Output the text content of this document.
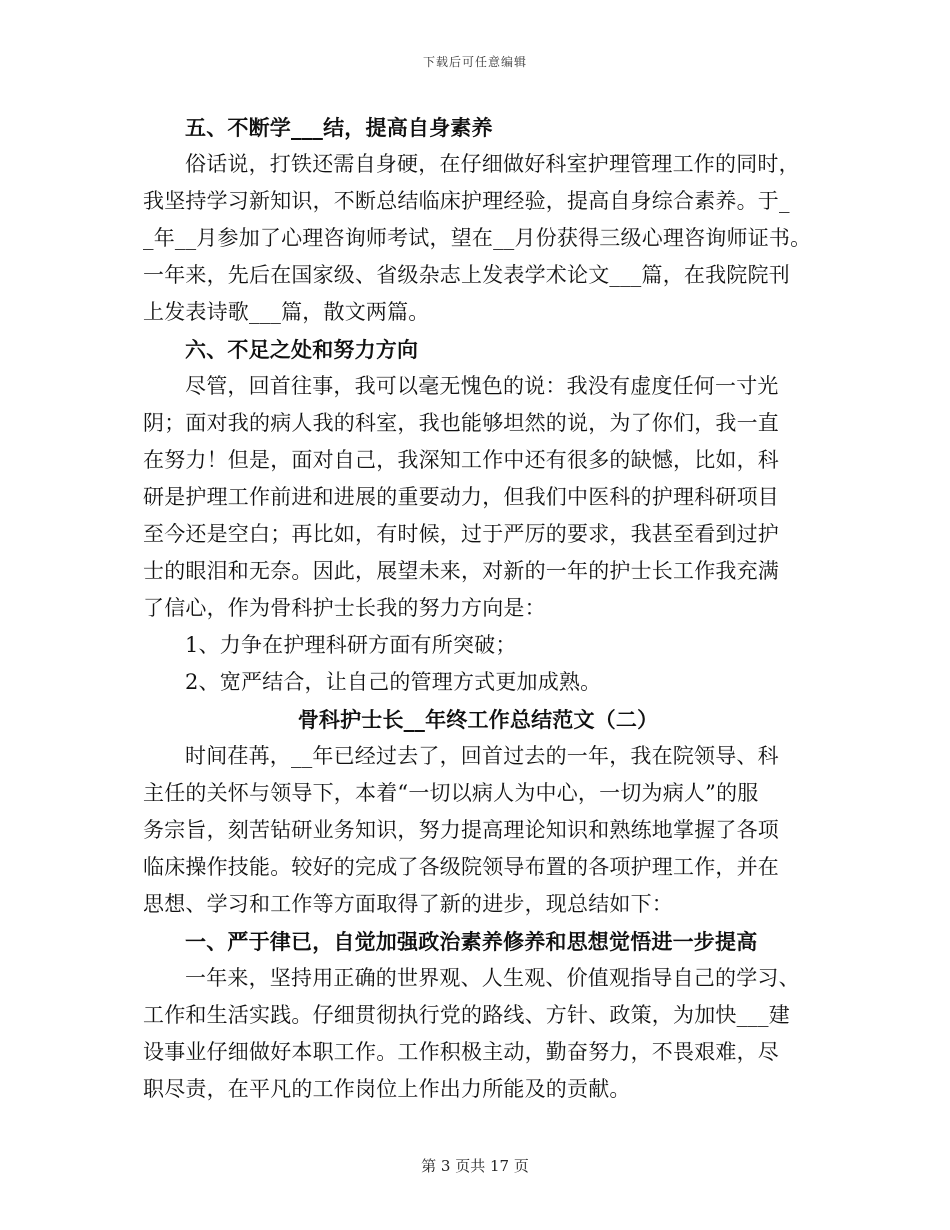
下载后可任意编辑
五、不断学___结，提高自身素养
俗话说，打铁还需自身硬，在仔细做好科室护理管理工作的同时，
我坚持学习新知识，不断总结临床护理经验，提高自身综合素养。于_
_年__月参加了心理咨询师考试，望在__月份获得三级心理咨询师证书。
一年来，先后在国家级、省级杂志上发表学术论文___篇，在我院院刊
上发表诗歌___篇，散文两篇。
六、不足之处和努力方向
尽管，回首往事，我可以毫无愧色的说：我没有虚度任何一寸光
阴；面对我的病人我的科室，我也能够坦然的说，为了你们，我一直
在努力！但是，面对自己，我深知工作中还有很多的缺憾，比如，科
研是护理工作前进和进展的重要动力，但我们中医科的护理科研项目
至今还是空白；再比如，有时候，过于严厉的要求，我甚至看到过护
士的眼泪和无奈。因此，展望未来，对新的一年的护士长工作我充满
了信心，作为骨科护士长我的努力方向是：
1、力争在护理科研方面有所突破；
2、宽严结合，让自己的管理方式更加成熟。
骨科护士长__年终工作总结范文（二）
时间荏苒，__年已经过去了，回首过去的一年，我在院领导、科
主任的关怀与领导下，本着“一切以病人为中心，一切为病人”的服
务宗旨，刻苦钻研业务知识，努力提高理论知识和熟练地掌握了各项
临床操作技能。较好的完成了各级院领导布置的各项护理工作，并在
思想、学习和工作等方面取得了新的进步，现总结如下：
一、严于律已，自觉加强政治素养修养和思想觉悟进一步提高
一年来，坚持用正确的世界观、人生观、价值观指导自己的学习、
工作和生活实践。仔细贯彻执行党的路线、方针、政策，为加快___建
设事业仔细做好本职工作。工作积极主动，勤奋努力，不畏艰难，尽
职尽责，在平凡的工作岗位上作出力所能及的贡献。
第 3 页共 17 页
